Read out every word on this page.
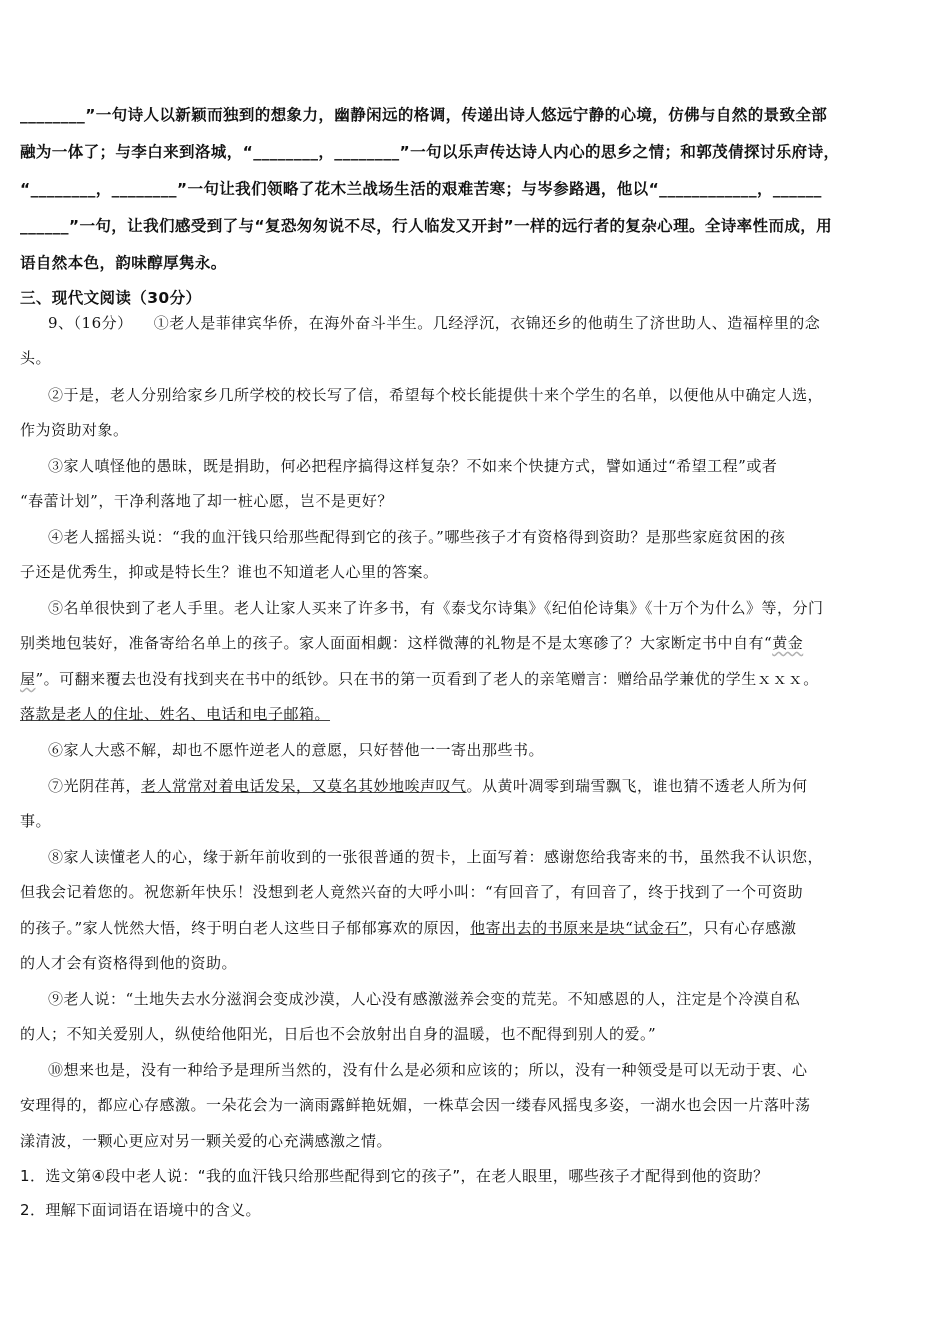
________”一句诗人以新颖而独到的想象力，幽静闲远的格调，传递出诗人悠远宁静的心境，仿佛与自然的景致全部
融为一体了；与李白来到洛城，“________，________”一句以乐声传达诗人内心的思乡之情；和郭茂倩探讨乐府诗，
“________，________”一句让我们领略了花木兰战场生活的艰难苦寒；与岑参路遇，他以“____________，______
______”一句，让我们感受到了与“复恐匆匆说不尽，行人临发又开封”一样的远行者的复杂心理。全诗率性而成，用
语自然本色，韵味醇厚隽永。
三、现代文阅读（30分）
9、（16分） ①老人是菲律宾华侨，在海外奋斗半生。几经浮沉，衣锦还乡的他萌生了济世助人、造福梓里的念
头。
②于是，老人分别给家乡几所学校的校长写了信，希望每个校长能提供十来个学生的名单，以便他从中确定人选，
作为资助对象。
③家人嗔怪他的愚昧，既是捐助，何必把程序搞得这样复杂？不如来个快捷方式，譬如通过“希望工程”或者
“春蕾计划”，干净利落地了却一桩心愿，岂不是更好？
④老人摇摇头说：“我的血汗钱只给那些配得到它的孩子。”哪些孩子才有资格得到资助？是那些家庭贫困的孩
子还是优秀生，抑或是特长生？谁也不知道老人心里的答案。
⑤名单很快到了老人手里。老人让家人买来了许多书，有《泰戈尔诗集》《纪伯伦诗集》《十万个为什么》等，分门
别类地包装好，准备寄给名单上的孩子。家人面面相觑：这样微薄的礼物是不是太寒碜了？大家断定书中自有“黄金
屋”。可翻来覆去也没有找到夹在书中的纸钞。只在书的第一页看到了老人的亲笔赠言：赠给品学兼优的学生ｘｘｘ。
落款是老人的住址、姓名、电话和电子邮箱。
⑥家人大惑不解，却也不愿忤逆老人的意愿，只好替他一一寄出那些书。
⑦光阴荏苒，老人常常对着电话发呆，又莫名其妙地唉声叹气。从黄叶凋零到瑞雪飘飞，谁也猜不透老人所为何
事。
⑧家人读懂老人的心，缘于新年前收到的一张很普通的贺卡，上面写着：感谢您给我寄来的书，虽然我不认识您，
但我会记着您的。祝您新年快乐！没想到老人竟然兴奋的大呼小叫：“有回音了，有回音了，终于找到了一个可资助
的孩子。”家人恍然大悟，终于明白老人这些日子郁郁寡欢的原因，他寄出去的书原来是块“试金石”，只有心存感激
的人才会有资格得到他的资助。
⑨老人说：“土地失去水分滋润会变成沙漠，人心没有感激滋养会变的荒芜。不知感恩的人，注定是个冷漠自私
的人；不知关爱别人，纵使给他阳光，日后也不会放射出自身的温暖，也不配得到别人的爱。”
⑩想来也是，没有一种给予是理所当然的，没有什么是必须和应该的；所以，没有一种领受是可以无动于衷、心
安理得的，都应心存感激。一朵花会为一滴雨露鲜艳妩媚，一株草会因一缕春风摇曳多姿，一湖水也会因一片落叶荡
漾清波，一颗心更应对另一颗关爱的心充满感激之情。
1．选文第④段中老人说：“我的血汗钱只给那些配得到它的孩子”，在老人眼里，哪些孩子才配得到他的资助？
2．理解下面词语在语境中的含义。
